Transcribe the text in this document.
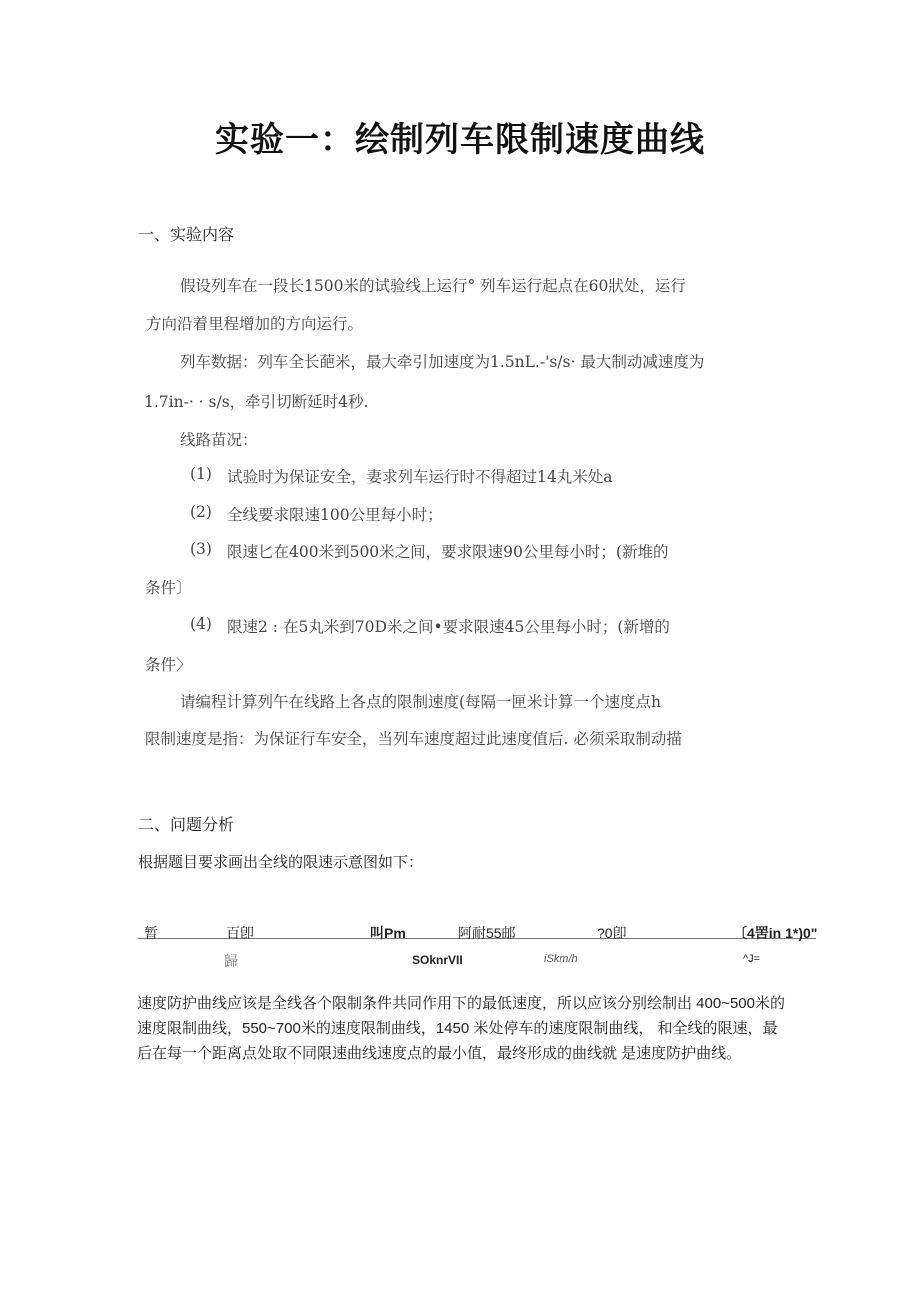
实验一：绘制列车限制速度曲线
一、实验内容
假设列车在一段长1500米的试验线上运行° 列车运行起点在60狀处，运行
方向沿着里程增加的方向运行。
列车数据：列车全长葩米，最大牵引加速度为1.5nL.-'s/s· 最大制动减速度为
1.7in-· · s/s，牵引切断延时4秒.
线路苗况：
(1) 试验时为保证安全，妻求列车运行时不得超过14丸米处a
(2) 全线要求限速100公里每小时；
(3) 限速匕在400米到500米之间，要求限速90公里每小时；(新堆的
条件〕
(4) 限速2 : 在5丸米到70D米之间•要求限速45公里每小时；(新增的
条件〉
请编程计算列午在线路上各点的限制速度(每隔一匣米计算一个速度点h
限制速度是指：为保证行车安全，当列车速度超过此速度值后. 必须采取制动描
二、问题分析
根据题目要求画出全线的限速示意图如下：
暂	百卽	叫Pm	阿耐55邮	?0卽	〔4罟in 1*)0"
歸	SOknrVII	iSkm/h	^J=
速度防护曲线应该是全线各个限制条件共同作用下的最低速度，所以应该分别绘制出 400~500米的
速度限制曲线，550~700米的速度限制曲线，1450 米处停车的速度限制曲线， 和全线的限速，最
后在每一个距离点处取不同限速曲线速度点的最小值，最终形成的曲线就 是速度防护曲线。
